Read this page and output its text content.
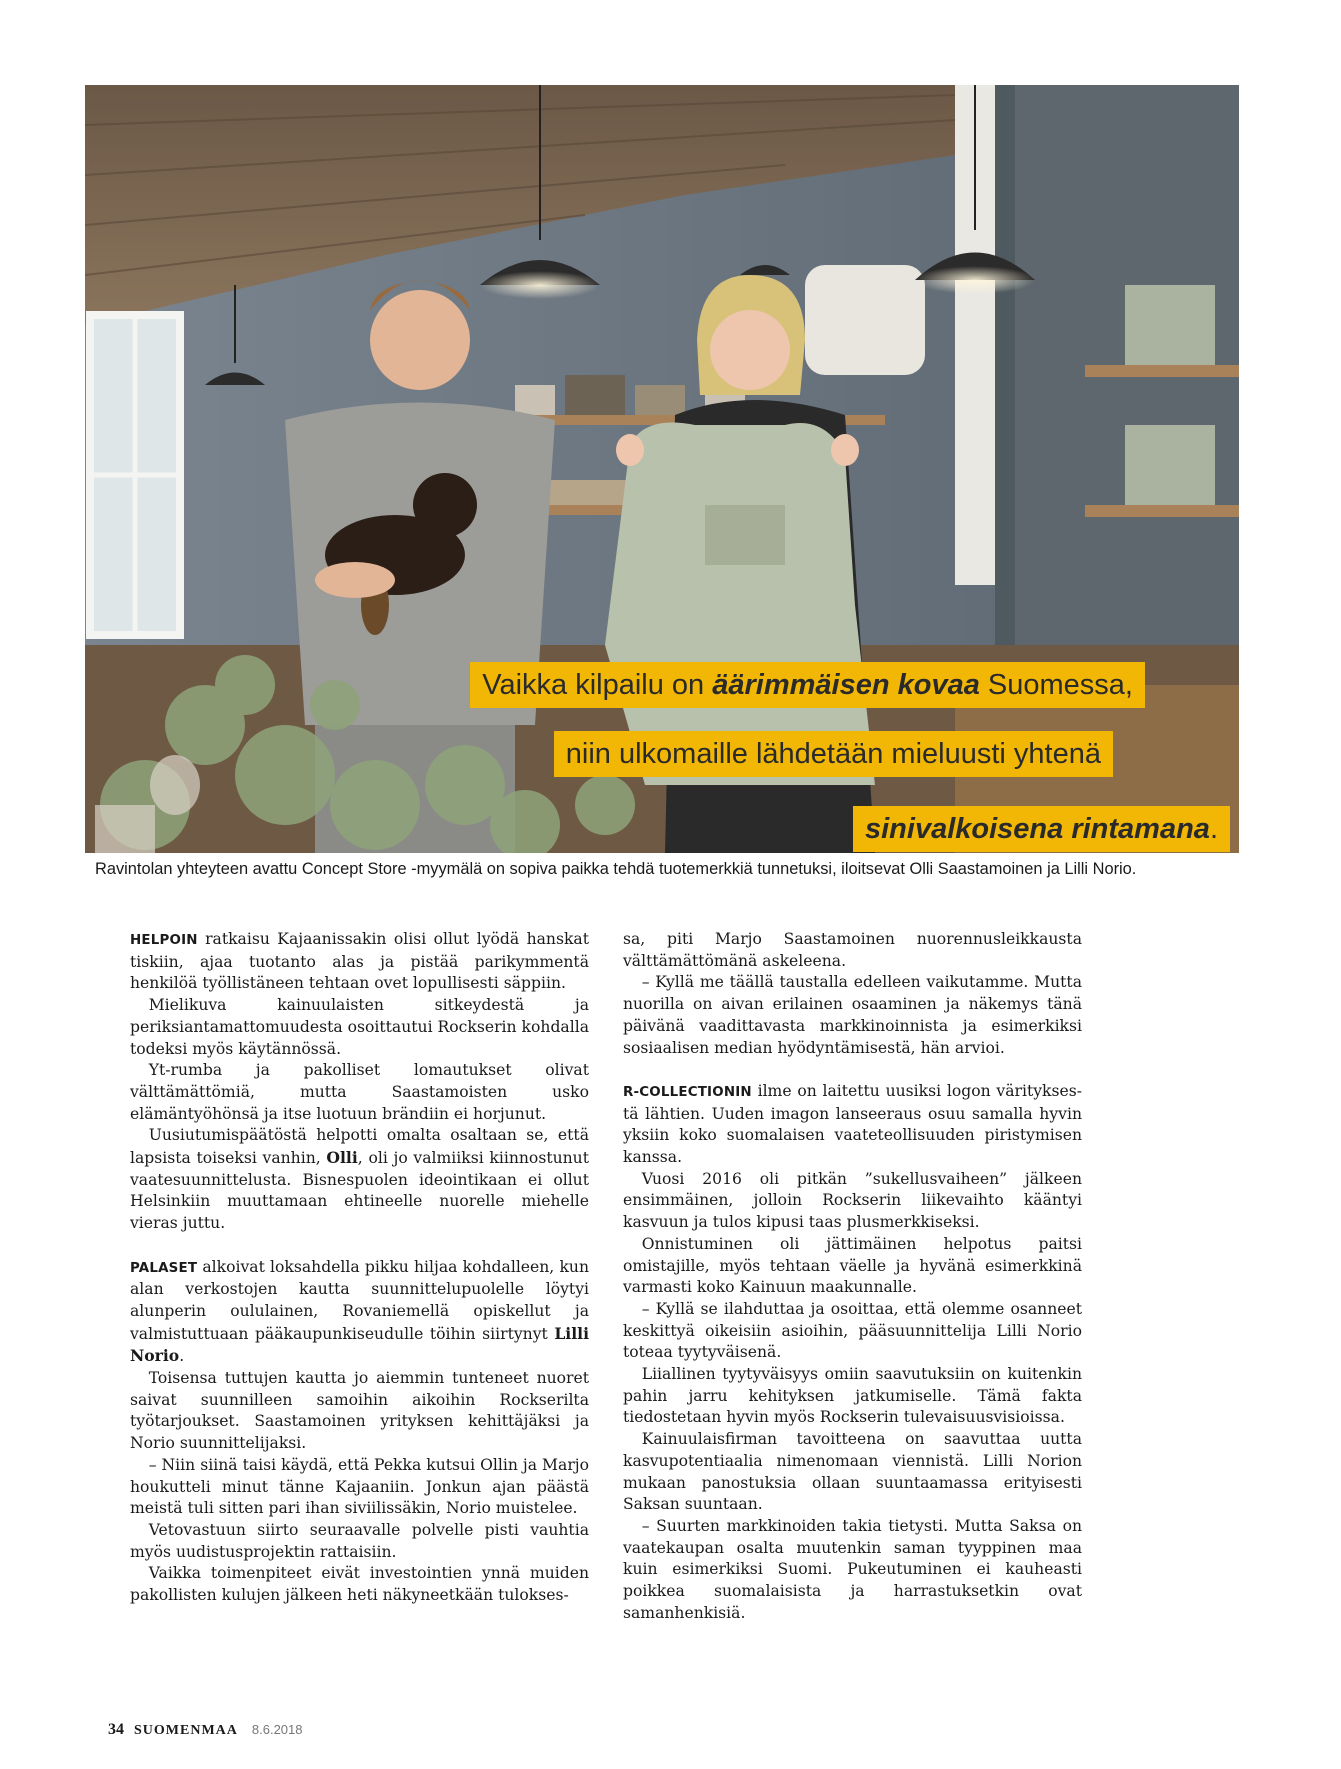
Vaikka kilpailu on äärimmäisen kovaa Suomessa,
niin ulkomaille lähdetään mieluusti yhtenä
sinivalkoisena rintamana.
Ravintolan yhteyteen avattu Concept Store -myymälä on sopiva paikka tehdä tuotemerkkiä tunnetuksi, iloitsevat Olli Saastamoinen ja Lilli Norio.

HELPOIN ratkaisu Kajaanissakin olisi ollut lyödä hanskat tiskiin, ajaa tuotanto alas ja pistää parikymmentä henkilöä työllistäneen tehtaan ovet lopullisesti säppiin.

Mielikuva kainuulaisten sitkeydestä ja periksiantamattomuudesta osoittautui Rockserin kohdalla todeksi myös käytännössä.

Yt-rumba ja pakolliset lomautukset olivat välttämättömiä, mutta Saastamoisten usko elämäntyöhönsä ja itse luotuun brändiin ei horjunut.

Uusiutumispäätöstä helpotti omalta osaltaan se, että lapsista toiseksi vanhin, Olli, oli jo valmiiksi kiinnostunut vaatesuunnittelusta. Bisnespuolen ideointikaan ei ollut Helsinkiin muuttamaan ehtineelle nuorelle miehelle vieras juttu.

PALASET alkoivat loksahdella pikku hiljaa kohdalleen, kun alan verkostojen kautta suunnittelupuolelle löytyi alunperin oululainen, Rovaniemellä opiskellut ja valmistuttuaan pääkaupunkiseudulle töihin siirtynyt Lilli Norio.

Toisensa tuttujen kautta jo aiemmin tunteneet nuoret saivat suunnilleen samoihin aikoihin Rockserilta työtarjoukset. Saastamoinen yrityksen kehittäjäksi ja Norio suunnittelijaksi.

– Niin siinä taisi käydä, että Pekka kutsui Ollin ja Marjo houkutteli minut tänne Kajaaniin. Jonkun ajan päästä meistä tuli sitten pari ihan siviilissäkin, Norio muistelee.

Vetovastuun siirto seuraavalle polvelle pisti vauhtia myös uudistusprojektin rattaisiin.

Vaikka toimenpiteet eivät investointien ynnä muiden pakollisten kulujen jälkeen heti näkyneetkään tulokses-

sa, piti Marjo Saastamoinen nuorennusleikkausta välttämättömänä askeleena.

– Kyllä me täällä taustalla edelleen vaikutamme. Mutta nuorilla on aivan erilainen osaaminen ja näkemys tänä päivänä vaadittavasta markkinoinnista ja esimerkiksi sosiaalisen median hyödyntämisestä, hän arvioi.

R-COLLECTIONIN ilme on laitettu uusiksi logon värityksestä lähtien. Uuden imagon lanseeraus osuu samalla hyvin yksiin koko suomalaisen vaateteollisuuden piristymisen kanssa.

Vuosi 2016 oli pitkän ”sukellusvaiheen” jälkeen ensimmäinen, jolloin Rockserin liikevaihto kääntyi kasvuun ja tulos kipusi taas plusmerkkiseksi.

Onnistuminen oli jättimäinen helpotus paitsi omistajille, myös tehtaan väelle ja hyvänä esimerkkinä varmasti koko Kainuun maakunnalle.

– Kyllä se ilahduttaa ja osoittaa, että olemme osanneet keskittyä oikeisiin asioihin, pääsuunnittelija Lilli Norio toteaa tyytyväisenä.

Liiallinen tyytyväisyys omiin saavutuksiin on kuitenkin pahin jarru kehityksen jatkumiselle. Tämä fakta tiedostetaan hyvin myös Rockserin tulevaisuusvisioissa.

Kainuulaisfirman tavoitteena on saavuttaa uutta kasvupotentiaalia nimenomaan viennistä. Lilli Norion mukaan panostuksia ollaan suuntaamassa erityisesti Saksan suuntaan.

– Suurten markkinoiden takia tietysti. Mutta Saksa on vaatekaupan osalta muutenkin saman tyyppinen maa kuin esimerkiksi Suomi. Pukeutuminen ei kauheasti poikkea suomalaisista ja harrastuksetkin ovat samanhenkisiä.

34 SUOMENMAA 8.6.2018
